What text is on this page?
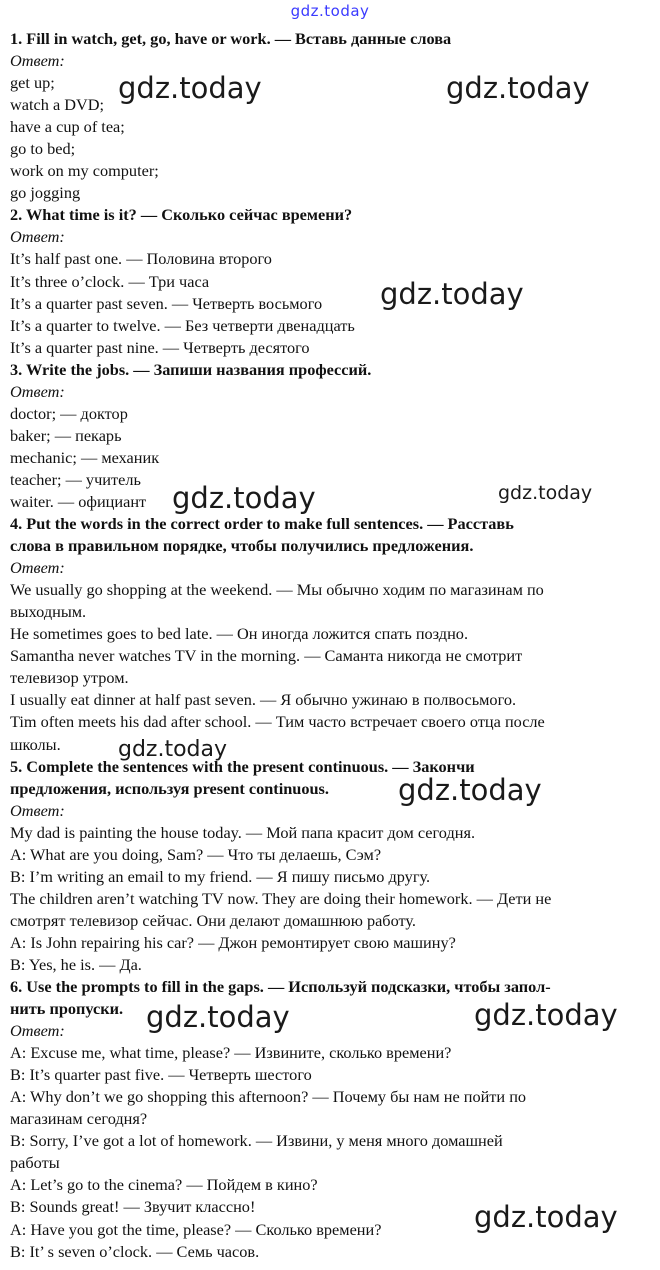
gdz.today
1. Fill in watch, get, go, have or work. — Вставь данные слова
Ответ:
get up;
watch a DVD;
have a cup of tea;
go to bed;
work on my computer;
go jogging
2. What time is it? — Сколько сейчас времени?
Ответ:
It’s half past one. — Половина второго
It’s three o’clock. — Три часа
It’s a quarter past seven. — Четверть восьмого
It’s a quarter to twelve. — Без четверти двенадцать
It’s a quarter past nine. — Четверть десятого
3. Write the jobs. — Запиши названия профессий.
Ответ:
doctor; — доктор
baker; — пекарь
mechanic; — механик
teacher; — учитель
waiter. — официант
4. Put the words in the correct order to make full sentences. — Расставь
слова в правильном порядке, чтобы получились предложения.
Ответ:
We usually go shopping at the weekend. — Мы обычно ходим по магазинам по
выходным.
He sometimes goes to bed late. — Он иногда ложится спать поздно.
Samantha never watches TV in the morning. — Саманта никогда не смотрит
телевизор утром.
I usually eat dinner at half past seven. — Я обычно ужинаю в полвосьмого.
Tim often meets his dad after school. — Тим часто встречает своего отца после
школы.
5. Complete the sentences with the present continuous. — Закончи
предложения, используя present continuous.
Ответ:
My dad is painting the house today. — Мой папа красит дом сегодня.
A: What are you doing, Sam? — Что ты делаешь, Сэм?
B: I’m writing an email to my friend. — Я пишу письмо другу.
The children aren’t watching TV now. They are doing their homework. — Дети не
смотрят телевизор сейчас. Они делают домашнюю работу.
A: Is John repairing his car? — Джон ремонтирует свою машину?
B: Yes, he is. — Да.
6. Use the prompts to fill in the gaps. — Используй подсказки, чтобы запол-
нить пропуски.
Ответ:
A: Excuse me, what time, please? — Извините, сколько времени?
B: It’s quarter past five. — Четверть шестого
A: Why don’t we go shopping this afternoon? — Почему бы нам не пойти по
магазинам сегодня?
B: Sorry, I’ve got a lot of homework. — Извини, у меня много домашней
работы
A: Let’s go to the cinema? — Пойдем в кино?
B: Sounds great! — Звучит классно!
A: Have you got the time, please? — Сколько времени?
B: It’ s seven o’clock. — Семь часов.
gdz.today	gdz.today
gdz.today
gdz.today	gdz.today
gdz.today
gdz.today
gdz.today	gdz.today
gdz.today
